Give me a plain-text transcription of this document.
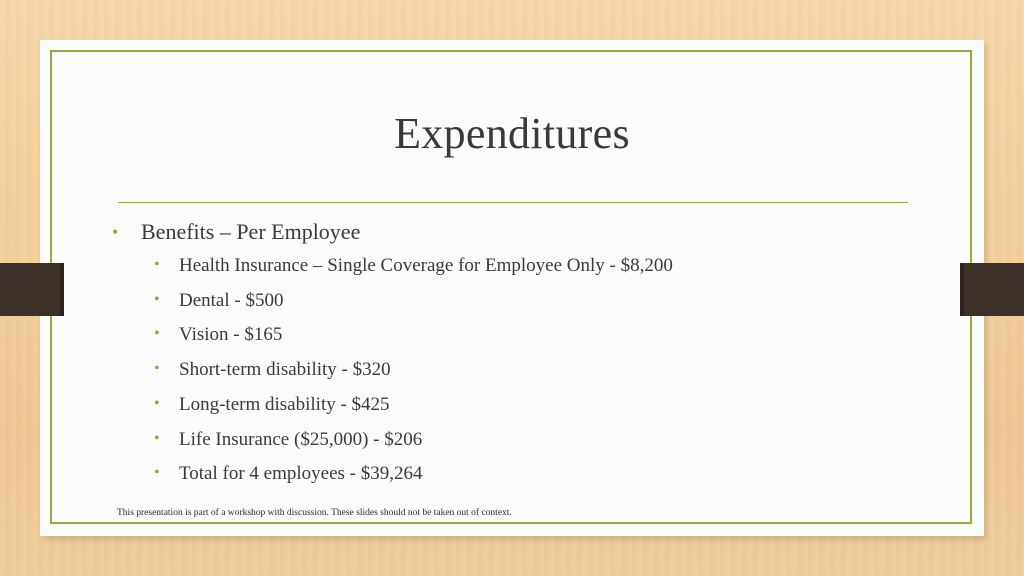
Expenditures
• Benefits – Per Employee
• Health Insurance – Single Coverage for Employee Only - $8,200
• Dental - $500
• Vision - $165
• Short-term disability - $320
• Long-term disability - $425
• Life Insurance ($25,000) - $206
• Total for 4 employees - $39,264
This presentation is part of a workshop with discussion. These slides should not be taken out of context.
